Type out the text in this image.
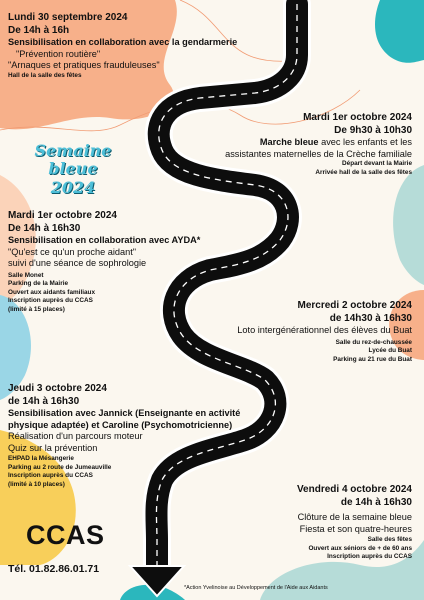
Lundi 30 septembre 2024
De 14h à 16h
Sensibilisation en collaboration avec la gendarmerie
"Prévention routière"
"Arnaques et pratiques frauduleuses"
Hall de la salle des fêtes
Semaine bleue
2024
Mardi 1er octobre 2024
De 9h30 à 10h30
Marche bleue avec les enfants et les
assistantes maternelles de la Crèche familiale
Départ devant la Mairie
Arrivée hall de la salle des fêtes
Mardi 1er octobre 2024
De 14h à 16h30
Sensibilisation en collaboration avec AYDA*
"Qu'est ce qu'un proche aidant"
suivi d'une séance de sophrologie
Salle Monet
Parking de la Mairie
Ouvert aux aidants familiaux
Inscription auprès du CCAS
(limité à 15 places)	Mercredi 2 octobre 2024
de 14h30 à 16h30
Loto intergénérationnel des élèves du Buat
Salle du rez-de-chaussée
Lycée du Buat
Parking au 21 rue du Buat
Jeudi 3 octobre 2024
de 14h à 16h30
Sensibilisation avec Jannick (Enseignante en activité
physique adaptée) et Caroline (Psychomotricienne)
Réalisation d'un parcours moteur
Quiz sur la prévention
EHPAD la Mésangerie
Parking au 2 route de Jumeauville
Inscription auprès du CCAS
(limité à 10 places)	Vendredi 4 octobre 2024
de 14h à 16h30
Clôture de la semaine bleue
Fiesta et son quatre-heures
Salle des fêtes
Ouvert aux séniors de + de 60 ans
Inscription auprès du CCAS
CCAS
Tél. 01.82.86.01.71
*Action Yvelinoise au Développement de l'Aide aux Aidants
